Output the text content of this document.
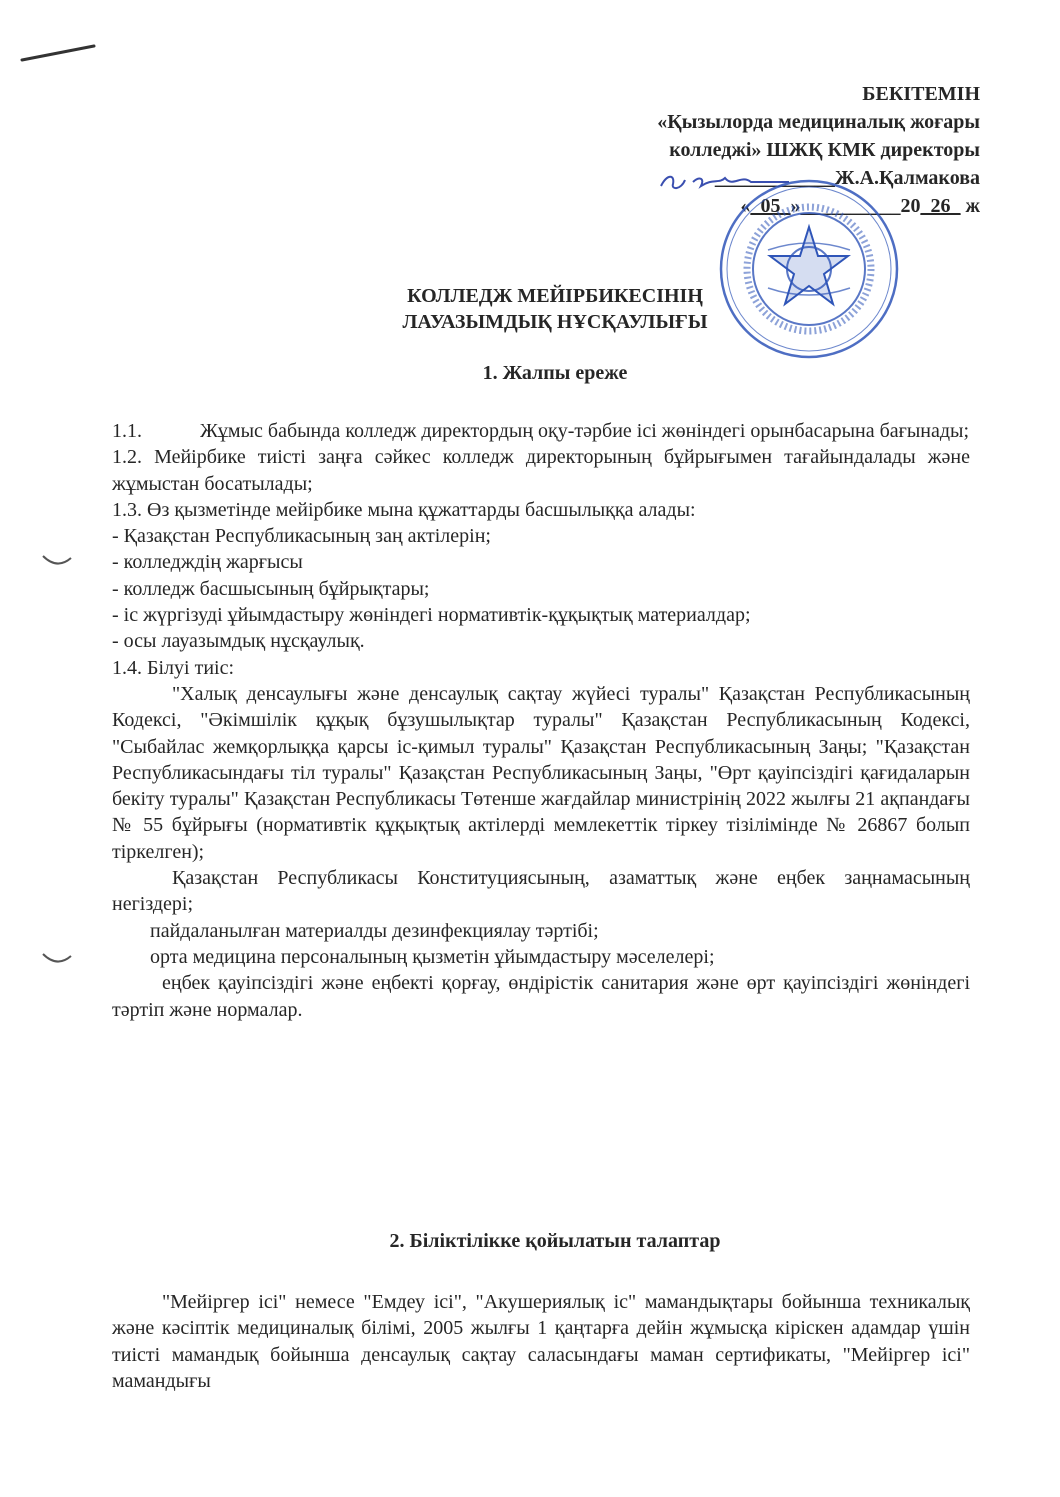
БЕКІТЕМІН
«Қызылорда медициналық жоғары
колледжі» ШЖҚ КМК директоры
____________Ж.А.Қалмакова
«_05_»__________20_26_ ж
КОЛЛЕДЖ МЕЙІРБИКЕСІНІҢ
ЛАУАЗЫМДЫҚ НҰСҚАУЛЫҒЫ
1. Жалпы ереже

1.1.	Жұмыс бабында колледж директордың оқу-тәрбие ісі жөніндегі орынбасарына бағынады;

1.2. Мейірбике тиісті заңға сәйкес колледж директорының бұйрығымен тағайындалады және жұмыстан босатылады;

1.3. Өз қызметінде мейірбике мына құжаттарды басшылыққа алады:

- Қазақстан Республикасының заң актілерін;

- колледждің жарғысы

- колледж басшысының бұйрықтары;

- іс жүргізуді ұйымдастыру жөніндегі нормативтік-құқықтық материалдар;

- осы лауазымдық нұсқаулық.

1.4. Білуі тиіс:

"Халық денсаулығы және денсаулық сақтау жүйесі туралы" Қазақстан Республикасының Кодексі, "Әкімшілік құқық бұзушылықтар туралы" Қазақстан Республикасының Кодексі, "Сыбайлас жемқорлыққа қарсы іс-қимыл туралы" Қазақстан Республикасының Заңы; "Қазақстан Республикасындағы тіл туралы" Қазақстан Республикасының Заңы, "Өрт қауіпсіздігі қағидаларын бекіту туралы" Қазақстан Республикасы Төтенше жағдайлар министрінің 2022 жылғы 21 ақпандағы № 55 бұйрығы (нормативтік құқықтық актілерді мемлекеттік тіркеу тізілімінде № 26867 болып тіркелген);

Қазақстан Республикасы Конституциясының, азаматтық және еңбек заңнамасының негіздері;

пайдаланылған материалды дезинфекциялау тәртібі;

орта медицина персоналының қызметін ұйымдастыру мәселелері;

еңбек қауіпсіздігі және еңбекті қорғау, өндірістік санитария және өрт қауіпсіздігі жөніндегі тәртіп және нормалар.

2. Біліктілікке қойылатын талаптар

"Мейіргер ісі" немесе "Емдеу ісі", "Акушериялық іс" мамандықтары бойынша техникалық және кәсіптік медициналық білімі, 2005 жылғы 1 қаңтарға дейін жұмысқа кіріскен адамдар үшін тиісті мамандық бойынша денсаулық сақтау саласындағы маман сертификаты, "Мейіргер ісі" мамандығы
